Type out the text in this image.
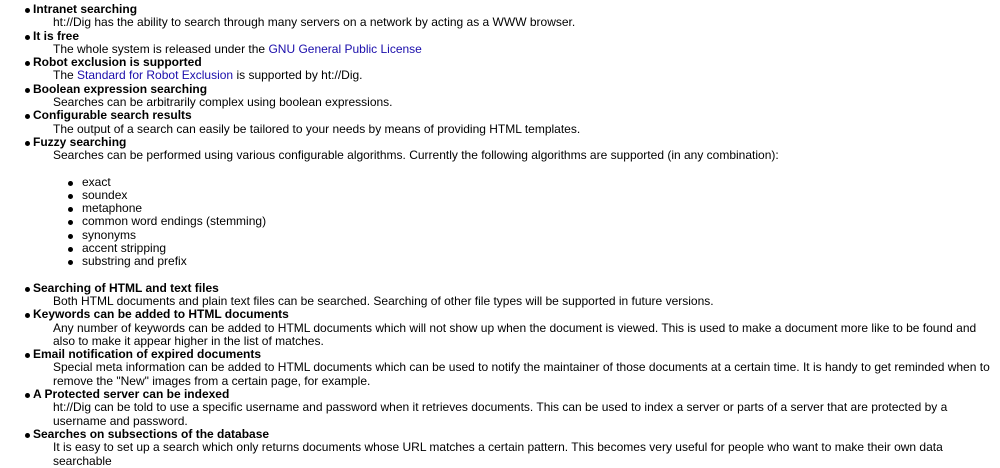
Intranet searching
ht://Dig has the ability to search through many servers on a network by acting as a WWW browser.
It is free
The whole system is released under the GNU General Public License
Robot exclusion is supported
The Standard for Robot Exclusion is supported by ht://Dig.
Boolean expression searching
Searches can be arbitrarily complex using boolean expressions.
Configurable search results
The output of a search can easily be tailored to your needs by means of providing HTML templates.
Fuzzy searching
Searches can be performed using various configurable algorithms. Currently the following algorithms are supported (in any combination):
exact
soundex
metaphone
common word endings (stemming)
synonyms
accent stripping
substring and prefix
Searching of HTML and text files
Both HTML documents and plain text files can be searched. Searching of other file types will be supported in future versions.
Keywords can be added to HTML documents
Any number of keywords can be added to HTML documents which will not show up when the document is viewed. This is used to make a document more like to be found and also to make it appear higher in the list of matches.
Email notification of expired documents
Special meta information can be added to HTML documents which can be used to notify the maintainer of those documents at a certain time. It is handy to get reminded when to remove the "New" images from a certain page, for example.
A Protected server can be indexed
ht://Dig can be told to use a specific username and password when it retrieves documents. This can be used to index a server or parts of a server that are protected by a username and password.
Searches on subsections of the database
It is easy to set up a search which only returns documents whose URL matches a certain pattern. This becomes very useful for people who want to make their own data searchable
